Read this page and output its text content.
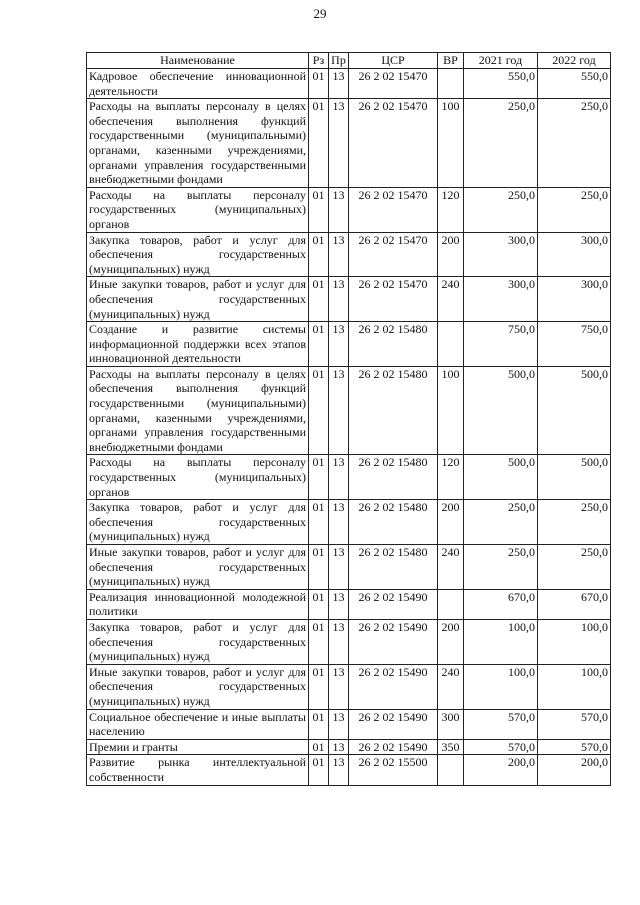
29
Наименование	Рз	Пр	ЦСР	ВР	2021 год	2022 год
Кадровое обеспечение инновационной деятельности	01	13	26 2 02 15470		550,0	550,0
Расходы на выплаты персоналу в целях обеспечения выполнения функций государственными (муниципальными) органами, казенными учреждениями, органами управления государственными внебюджетными фондами	01	13	26 2 02 15470	100	250,0	250,0
Расходы на выплаты персоналу государственных (муниципальных) органов	01	13	26 2 02 15470	120	250,0	250,0
Закупка товаров, работ и услуг для обеспечения государственных (муниципальных) нужд	01	13	26 2 02 15470	200	300,0	300,0
Иные закупки товаров, работ и услуг для обеспечения государственных (муниципальных) нужд	01	13	26 2 02 15470	240	300,0	300,0
Создание и развитие системы информационной поддержки всех этапов инновационной деятельности	01	13	26 2 02 15480		750,0	750,0
Расходы на выплаты персоналу в целях обеспечения выполнения функций государственными (муниципальными) органами, казенными учреждениями, органами управления государственными внебюджетными фондами	01	13	26 2 02 15480	100	500,0	500,0
Расходы на выплаты персоналу государственных (муниципальных) органов	01	13	26 2 02 15480	120	500,0	500,0
Закупка товаров, работ и услуг для обеспечения государственных (муниципальных) нужд	01	13	26 2 02 15480	200	250,0	250,0
Иные закупки товаров, работ и услуг для обеспечения государственных (муниципальных) нужд	01	13	26 2 02 15480	240	250,0	250,0
Реализация инновационной молодежной политики	01	13	26 2 02 15490		670,0	670,0
Закупка товаров, работ и услуг для обеспечения государственных (муниципальных) нужд	01	13	26 2 02 15490	200	100,0	100,0
Иные закупки товаров, работ и услуг для обеспечения государственных (муниципальных) нужд	01	13	26 2 02 15490	240	100,0	100,0
Социальное обеспечение и иные выплаты населению	01	13	26 2 02 15490	300	570,0	570,0
Премии и гранты	01	13	26 2 02 15490	350	570,0	570,0
Развитие рынка интеллектуальной собственности	01	13	26 2 02 15500		200,0	200,0
